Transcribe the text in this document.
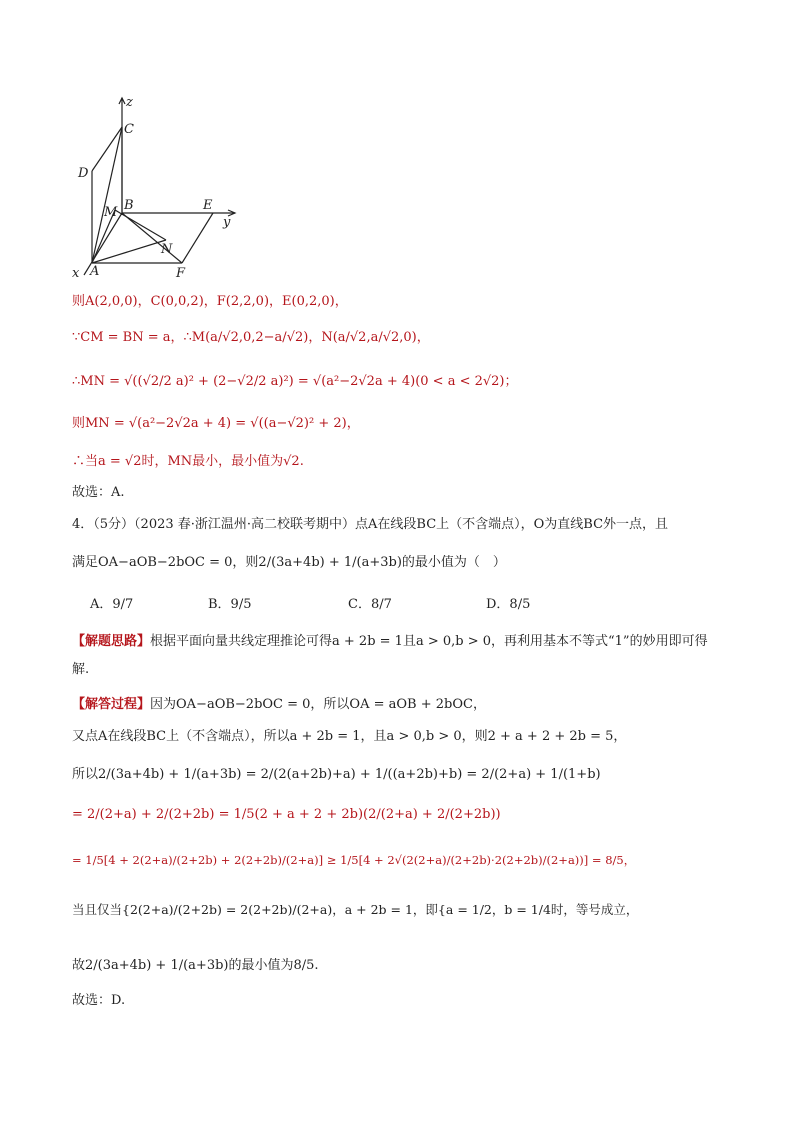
z
C
D
M B	E
y
N
x A	F
则A(2,0,0)，C(0,0,2)，F(2,2,0)，E(0,2,0)，
∵CM = BN = a，∴M(a/√2,0,2−a/√2)，N(a/√2,a/√2,0)，
∴MN = √((√2/2 a)² + (2−√2/2 a)²) = √(a²−2√2a + 4)(0 < a < 2√2)；
则MN = √(a²−2√2a + 4) = √((a−√2)² + 2)，
∴当a = √2时，MN最小，最小值为√2.
故选：A.
4．（5分）（2023 春·浙江温州·高二校联考期中）点A在线段BC上（不含端点），O为直线BC外一点，且
满足OA−aOB−2bOC = 0，则2/(3a+4b) + 1/(a+3b)的最小值为（　）
A．9/7	B．9/5	C．8/7	D．8/5
【解题思路】根据平面向量共线定理推论可得a + 2b = 1且a > 0,b > 0，再利用基本不等式“1”的妙用即可得
解.
【解答过程】因为OA−aOB−2bOC = 0，所以OA = aOB + 2bOC，
又点A在线段BC上（不含端点），所以a + 2b = 1，且a > 0,b > 0，则2 + a + 2 + 2b = 5，
所以2/(3a+4b) + 1/(a+3b) = 2/(2(a+2b)+a) + 1/((a+2b)+b) = 2/(2+a) + 1/(1+b)
= 2/(2+a) + 2/(2+2b) = 1/5(2 + a + 2 + 2b)(2/(2+a) + 2/(2+2b))
= 1/5[4 + 2(2+a)/(2+2b) + 2(2+2b)/(2+a)] ≥ 1/5[4 + 2√(2(2+a)/(2+2b)·2(2+2b)/(2+a))] = 8/5，
当且仅当{2(2+a)/(2+2b) = 2(2+2b)/(2+a)，a + 2b = 1，即{a = 1/2，b = 1/4时，等号成立，
故2/(3a+4b) + 1/(a+3b)的最小值为8/5.
故选：D.
